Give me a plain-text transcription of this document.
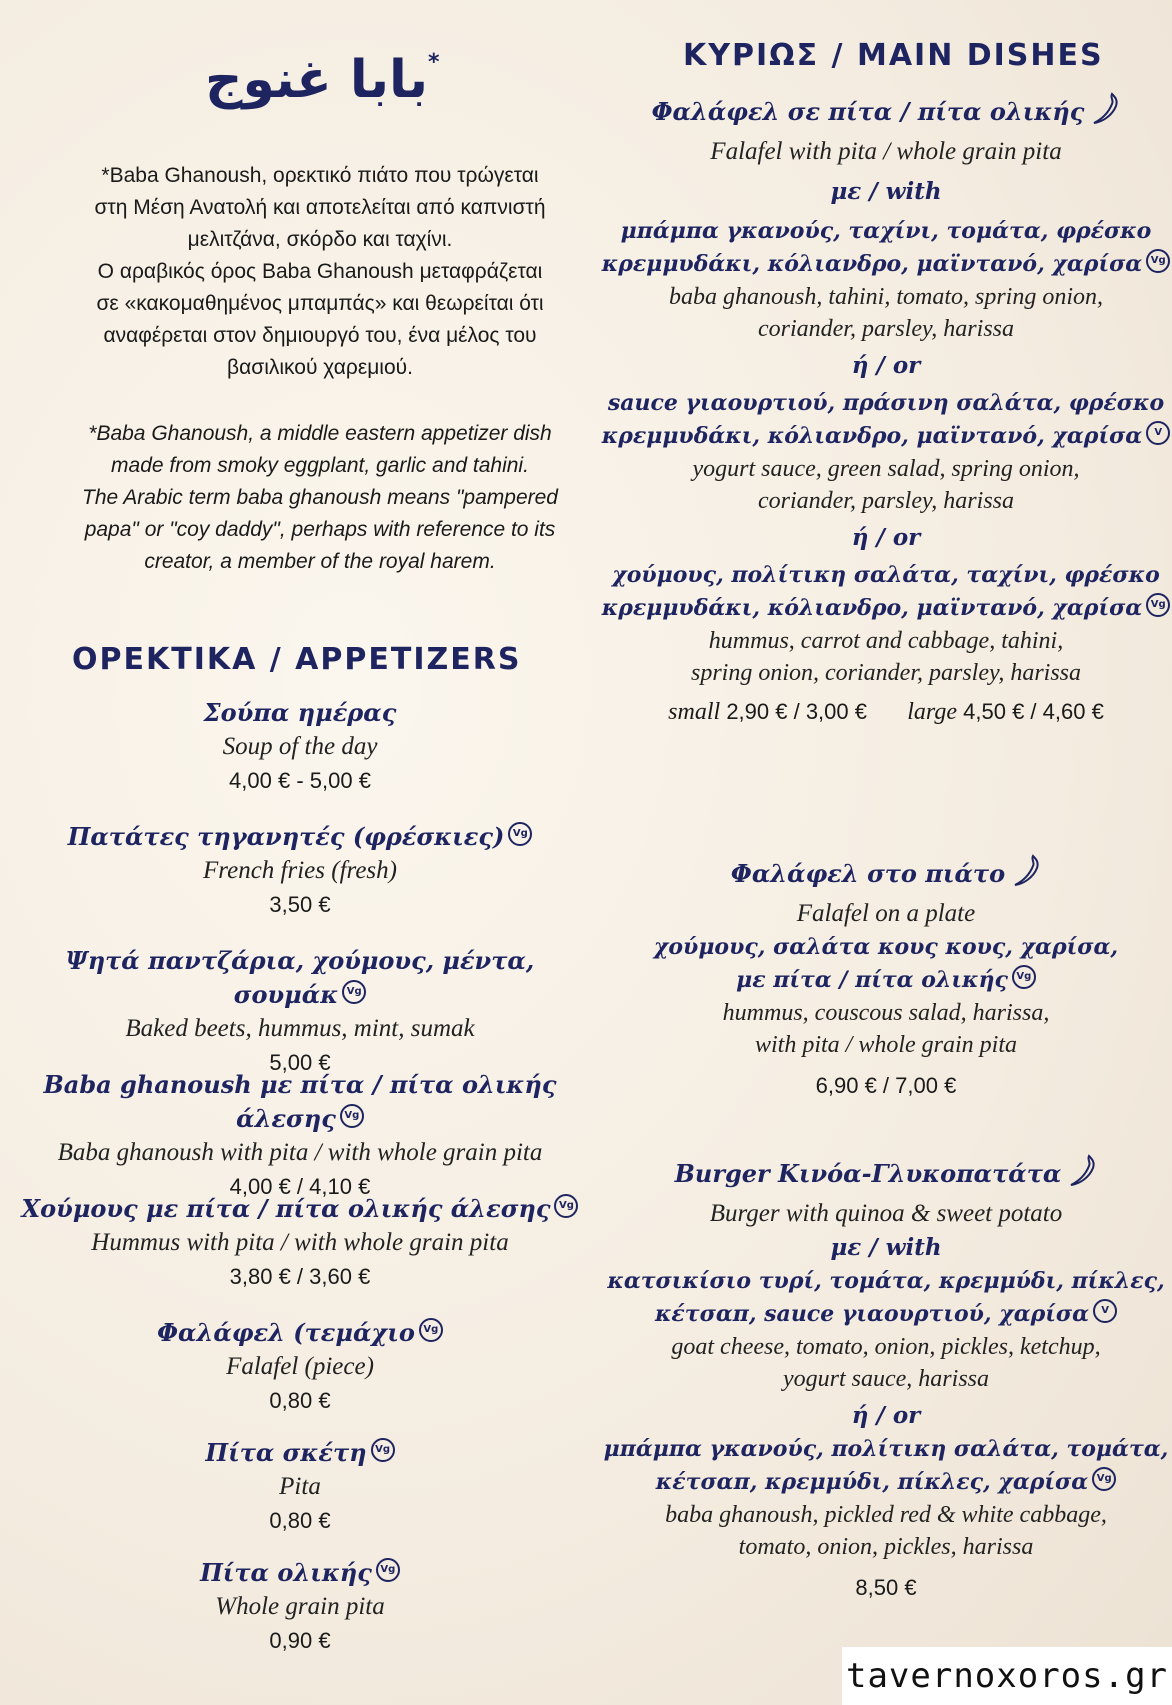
*بابا غنوج
*Baba Ghanoush, ορεκτικό πιάτο που τρώγεται
στη Μέση Ανατολή και αποτελείται από καπνιστή
μελιτζάνα, σκόρδο και ταχίνι.
Ο αραβικός όρος Baba Ghanoush μεταφράζεται
σε «κακομαθημένος μπαμπάς» και θεωρείται ότι
αναφέρεται στον δημιουργό του, ένα μέλος του
βασιλικού χαρεμιού.
*Baba Ghanoush, a middle eastern appetizer dish
made from smoky eggplant, garlic and tahini.
The Arabic term baba ghanoush means "pampered
papa" or "coy daddy", perhaps with reference to its
creator, a member of the royal harem.
ΟΡΕΚΤΙΚΑ / APPETIZERS
Σούπα ημέρας
Soup of the day
4,00 € - 5,00 €
Πατάτες τηγανητές (φρέσκιες) Vg
French fries (fresh)
3,50 €
Ψητά παντζάρια, χούμους, μέντα, σουμάκ Vg
Baked beets, hummus, mint, sumak
5,00 €
Baba ghanoush με πίτα / πίτα ολικής άλεσης Vg
Baba ghanoush with pita / with whole grain pita
4,00 € / 4,10 €
Χούμους με πίτα / πίτα ολικής άλεσης Vg
Hummus with pita / with whole grain pita
3,80 € / 3,60 €
Φαλάφελ (τεμάχιο Vg
Falafel (piece)
0,80 €
Πίτα σκέτη Vg
Pita
0,80 €
Πίτα ολικής Vg
Whole grain pita
0,90 €
ΚΥΡΙΩΣ / MAIN DISHES
Φαλάφελ σε πίτα / πίτα ολικής
Falafel with pita / whole grain pita
με / with
μπάμπα γκανούς, ταχίνι, τομάτα, φρέσκο
κρεμμυδάκι, κόλιανδρο, μαϊντανό, χαρίσα Vg
baba ghanoush, tahini, tomato, spring onion,
coriander, parsley, harissa
ή / or
sauce γιαουρτιού, πράσινη σαλάτα, φρέσκο
κρεμμυδάκι, κόλιανδρο, μαϊντανό, χαρίσα V
yogurt sauce, green salad, spring onion,
coriander, parsley, harissa
ή / or
χούμους, πολίτικη σαλάτα, ταχίνι, φρέσκο
κρεμμυδάκι, κόλιανδρο, μαϊντανό, χαρίσα Vg
hummus, carrot and cabbage, tahini,
spring onion, coriander, parsley, harissa
small 2,90 € / 3,00 € large 4,50 € / 4,60 €
Φαλάφελ στο πιάτο
Falafel on a plate
χούμους, σαλάτα κους κους, χαρίσα,
με πίτα / πίτα ολικής Vg
hummus, couscous salad, harissa,
with pita / whole grain pita
6,90 € / 7,00 €
Burger Κινόα-Γλυκοπατάτα
Burger with quinoa & sweet potato
με / with
κατσικίσιο τυρί, τομάτα, κρεμμύδι, πίκλες,
κέτσαπ, sauce γιαουρτιού, χαρίσα V
goat cheese, tomato, onion, pickles, ketchup,
yogurt sauce, harissa
ή / or
μπάμπα γκανούς, πολίτικη σαλάτα, τομάτα,
κέτσαπ, κρεμμύδι, πίκλες, χαρίσα Vg
baba ghanoush, pickled red & white cabbage,
tomato, onion, pickles, harissa
8,50 €
tavernoxoros.gr
